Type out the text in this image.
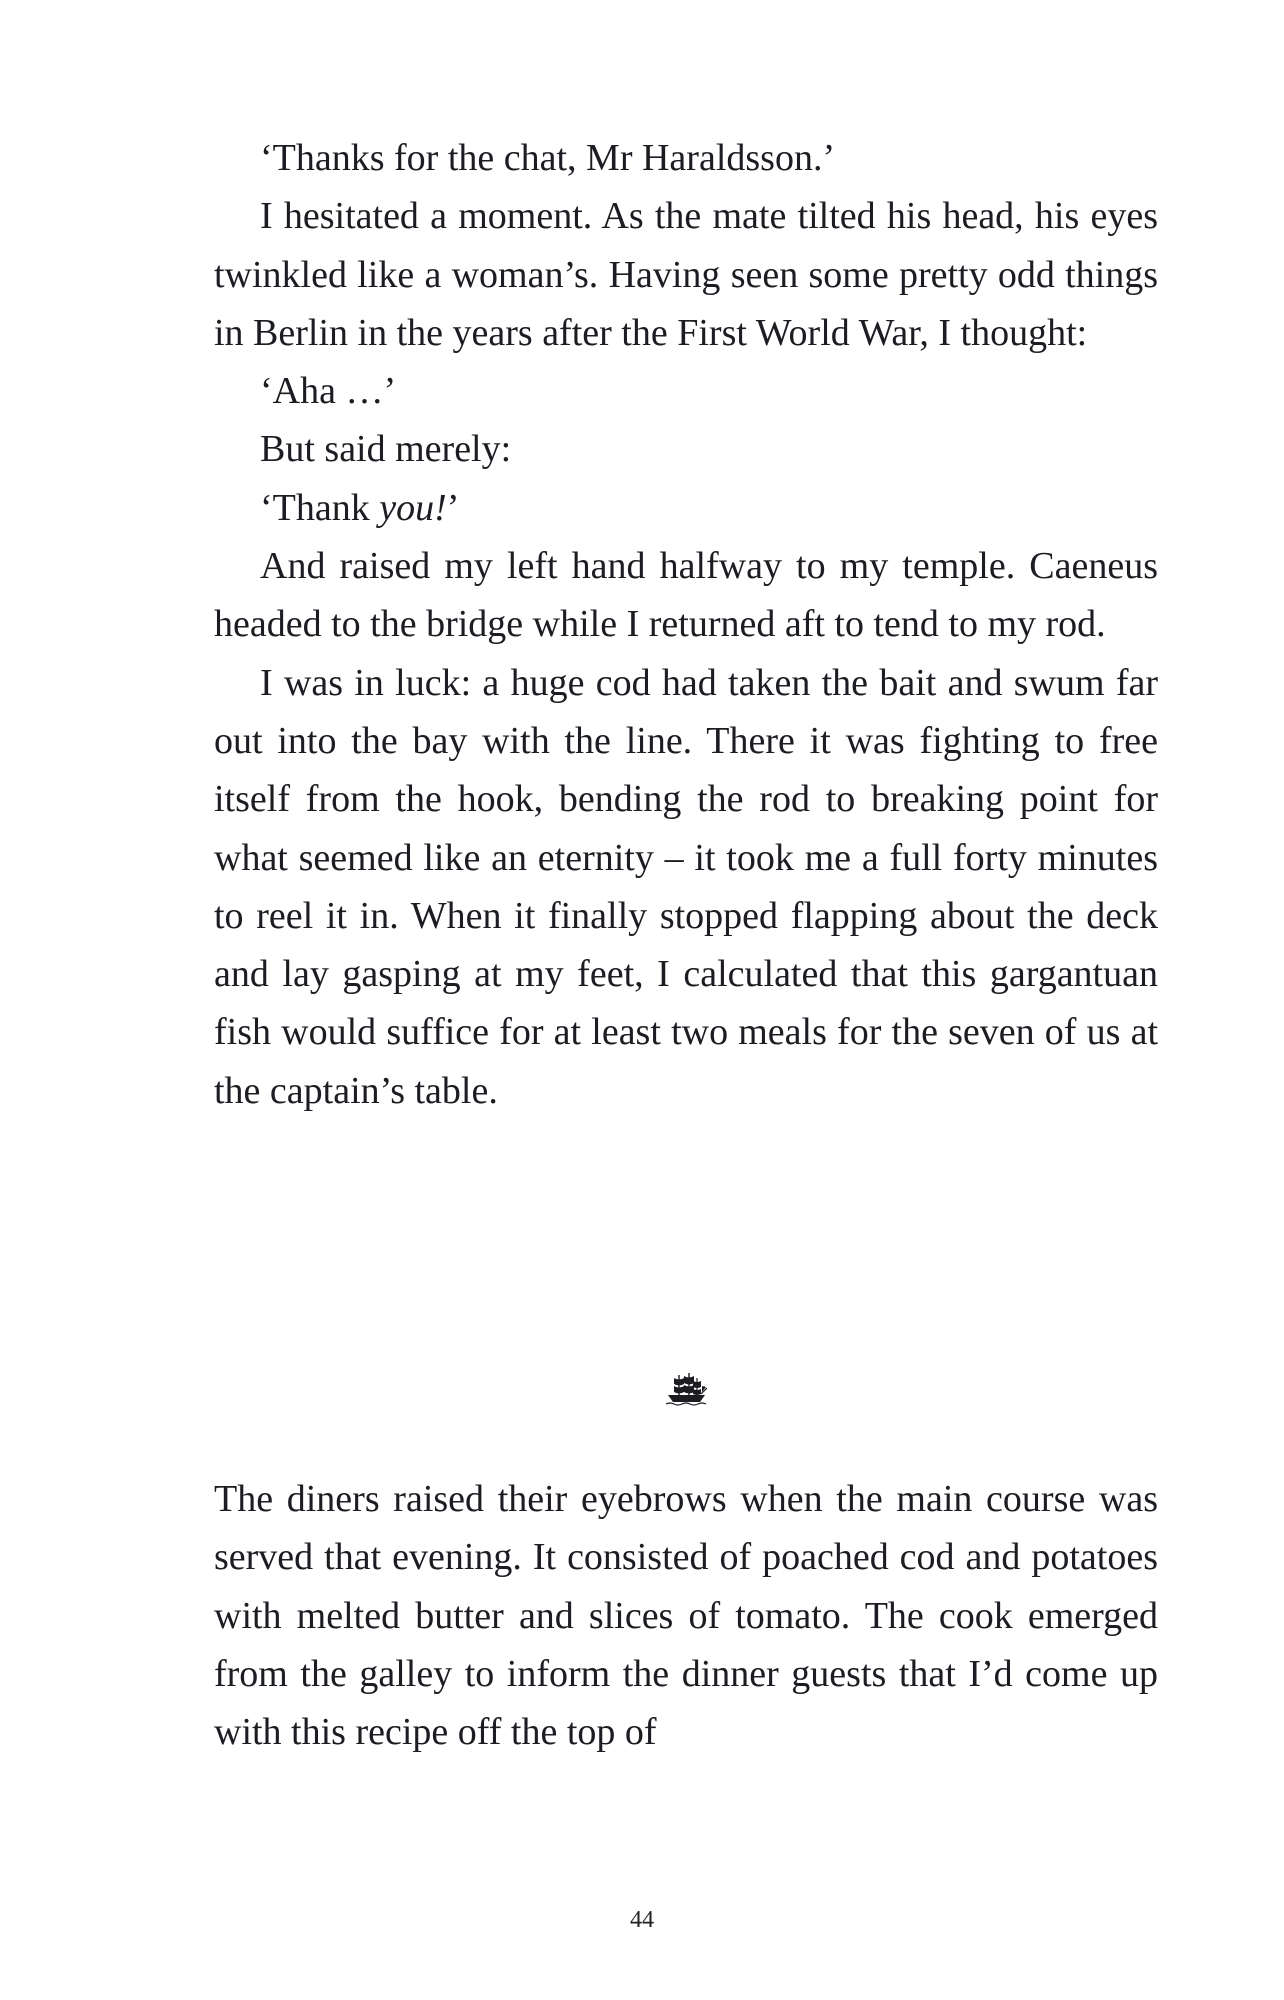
‘Thanks for the chat, Mr Haraldsson.’

I hesitated a moment. As the mate tilted his head, his eyes twinkled like a woman’s. Having seen some pretty odd things in Berlin in the years after the First World War, I thought:

‘Aha …’

But said merely:

‘Thank you!’

And raised my left hand halfway to my temple. Caeneus headed to the bridge while I returned aft to tend to my rod.

I was in luck: a huge cod had taken the bait and swum far out into the bay with the line. There it was fighting to free itself from the hook, bending the rod to breaking point for what seemed like an eternity – it took me a full forty minutes to reel it in. When it finally stopped flapping about the deck and lay gasping at my feet, I calculated that this gargantuan fish would suffice for at least two meals for the seven of us at the captain’s table.

The diners raised their eyebrows when the main course was served that evening. It consisted of poached cod and potatoes with melted butter and slices of tomato. The cook emerged from the galley to inform the dinner guests that I’d come up with this recipe off the top of

44
